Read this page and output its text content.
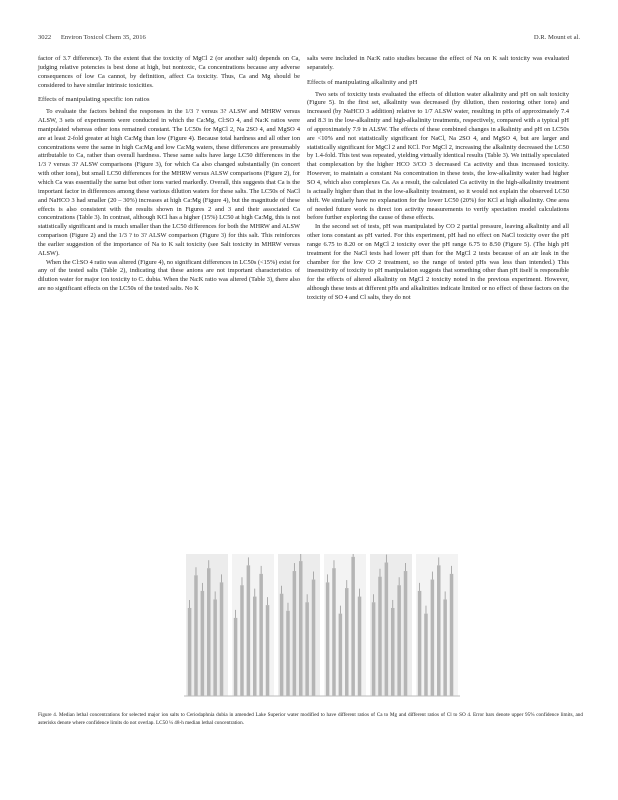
3022 Environ Toxicol Chem 35, 2016	D.R. Mount et al.

factor of 3.7 difference). To the extent that the toxicity of MgCl 2 (or another salt) depends on Ca, judging relative potencies is best done at high, but nontoxic, Ca concentrations because any adverse consequences of low Ca cannot, by definition, affect Ca toxicity. Thus, Ca and Mg should be considered to have similar intrinsic toxicities.

Effects of manipulating specific ion ratios

To evaluate the factors behind the responses in the 1/3 ? versus 3? ALSW and MHRW versus ALSW, 3 sets of experiments were conducted in which the Ca:Mg, Cl:SO 4, and Na:K ratios were manipulated whereas other ions remained constant. The LC50s for MgCl 2, Na 2SO 4, and MgSO 4 are at least 2-fold greater at high Ca:Mg than low (Figure 4). Because total hardness and all other ion concentrations were the same in high Ca:Mg and low Ca:Mg waters, these differences are presumably attributable to Ca, rather than overall hardness. These same salts have large LC50 differences in the 1/3 ? versus 3? ALSW comparisons (Figure 3), for which Ca also changed substantially (in concert with other ions), but small LC50 differences for the MHRW versus ALSW comparisons (Figure 2), for which Ca was essentially the same but other ions varied markedly. Overall, this suggests that Ca is the important factor in differences among these various dilution waters for these salts. The LC50s of NaCl and NaHCO 3 had smaller (20 – 30%) increases at high Ca:Mg (Figure 4), but the magnitude of these effects is also consistent with the results shown in Figures 2 and 3 and their associated Ca concentrations (Table 3). In contrast, although KCl has a higher (15%) LC50 at high Ca:Mg, this is not statistically significant and is much smaller than the LC50 differences for both the MHRW and ALSW comparison (Figure 2) and the 1/3 ? to 3? ALSW comparison (Figure 3) for this salt. This reinforces the earlier suggestion of the importance of Na to K salt toxicity (see Salt toxicity in MHRW versus ALSW).

When the Cl:SO 4 ratio was altered (Figure 4), no significant differences in LC50s (<15%) exist for any of the tested salts (Table 2), indicating that these anions are not important characteristics of dilution water for major ion toxicity to C. dubia. When the Na:K ratio was altered (Table 3), there also are no significant effects on the LC50s of the tested salts. No K

salts were included in Na:K ratio studies because the effect of Na on K salt toxicity was evaluated separately.

Effects of manipulating alkalinity and pH

Two sets of toxicity tests evaluated the effects of dilution water alkalinity and pH on salt toxicity (Figure 5). In the first set, alkalinity was decreased (by dilution, then restoring other ions) and increased (by NaHCO 3 addition) relative to 1/7 ALSW water, resulting in pHs of approximately 7.4 and 8.3 in the low-alkalinity and high-alkalinity treatments, respectively, compared with a typical pH of approximately 7.9 in ALSW. The effects of these combined changes in alkalinity and pH on LC50s are <10% and not statistically significant for NaCl, Na 2SO 4, and MgSO 4, but are larger and statistically significant for MgCl 2 and KCl. For MgCl 2, increasing the alkalinity decreased the LC50 by 1.4-fold. This test was repeated, yielding virtually identical results (Table 3). We initially speculated that complexation by the higher HCO 3/CO 3 decreased Ca activity and thus increased toxicity. However, to maintain a constant Na concentration in these tests, the low-alkalinity water had higher SO 4, which also complexes Ca. As a result, the calculated Ca activity in the high-alkalinity treatment is actually higher than that in the low-alkalinity treatment, so it would not explain the observed LC50 shift. We similarly have no explanation for the lower LC50 (20%) for KCl at high alkalinity. One area of needed future work is direct ion activity measurements to verify speciation model calculations before further exploring the cause of these effects.

In the second set of tests, pH was manipulated by CO 2 partial pressure, leaving alkalinity and all other ions constant as pH varied. For this experiment, pH had no effect on NaCl toxicity over the pH range 6.75 to 8.20 or on MgCl 2 toxicity over the pH range 6.75 to 8.50 (Figure 5). (The high pH treatment for the NaCl tests had lower pH than for the MgCl 2 tests because of an air leak in the chamber for the low CO 2 treatment, so the range of tested pHs was less than intended.) This insensitivity of toxicity to pH manipulation suggests that something other than pH itself is responsible for the effects of altered alkalinity on MgCl 2 toxicity noted in the previous experiment. However, although these tests at different pHs and alkalinities indicate limited or no effect of these factors on the toxicity of SO 4 and Cl salts, they do not

Figure 4. Median lethal concentrations for selected major ion salts to Ceriodaphnia dubia in amended Lake Superior water modified to have different ratios of Ca to Mg and different ratios of Cl to SO 4. Error bars denote upper 95% confidence limits, and asterisks denote where confidence limits do not overlap. LC50 ¼ 48-h median lethal concentration.
